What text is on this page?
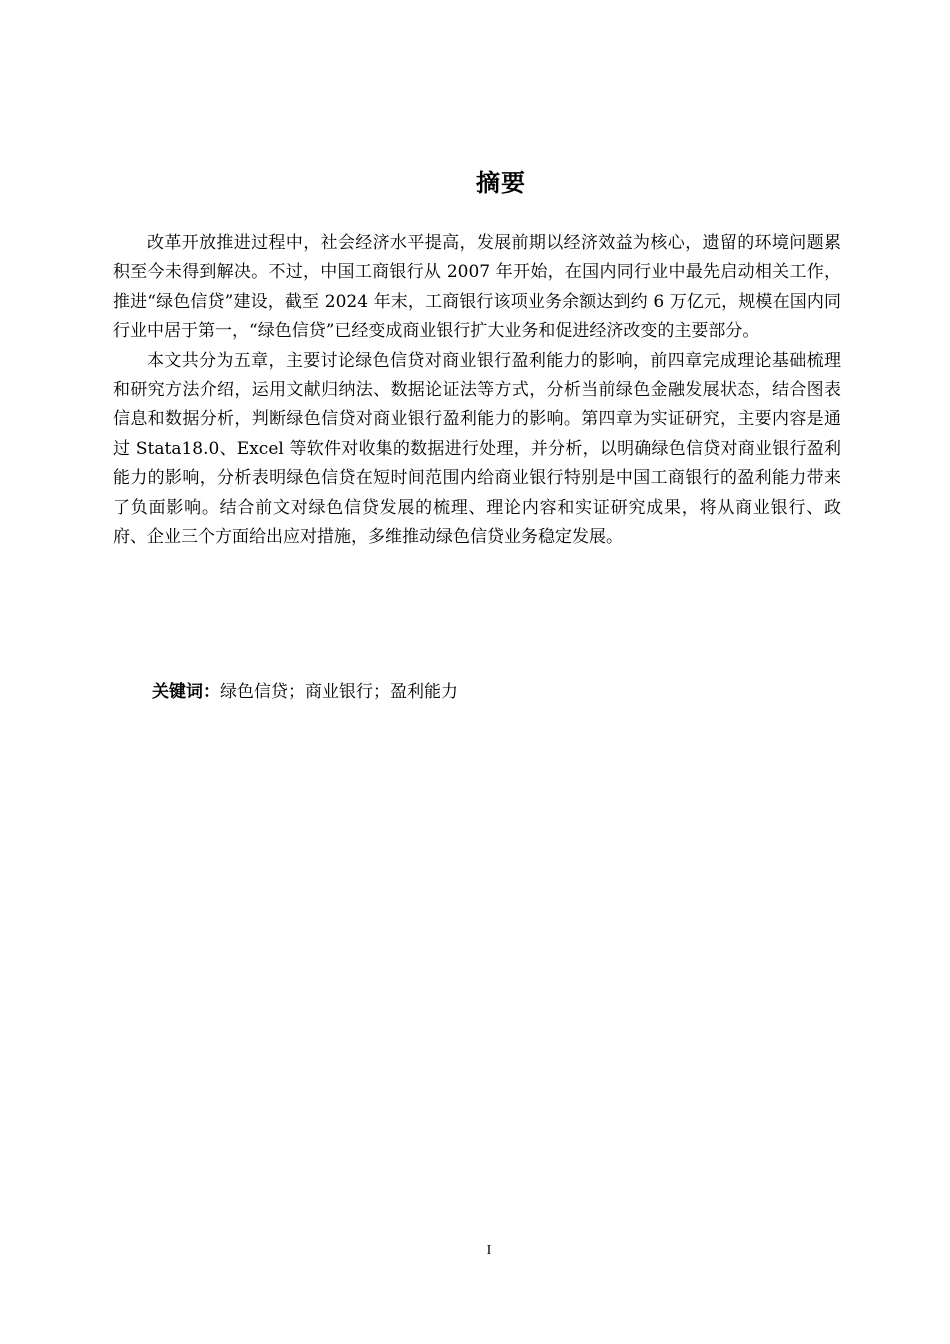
摘要

改革开放推进过程中，社会经济水平提高，发展前期以经济效益为核心，遗留的环境问题累积至今未得到解决。不过，中国工商银行从 2007 年开始，在国内同行业中最先启动相关工作，推进“绿色信贷”建设，截至 2024 年末，工商银行该项业务余额达到约 6 万亿元，规模在国内同行业中居于第一，“绿色信贷”已经变成商业银行扩大业务和促进经济改变的主要部分。

本文共分为五章，主要讨论绿色信贷对商业银行盈利能力的影响，前四章完成理论基础梳理和研究方法介绍，运用文献归纳法、数据论证法等方式，分析当前绿色金融发展状态，结合图表信息和数据分析，判断绿色信贷对商业银行盈利能力的影响。第四章为实证研究，主要内容是通过 Stata18.0、Excel 等软件对收集的数据进行处理，并分析，以明确绿色信贷对商业银行盈利能力的影响，分析表明绿色信贷在短时间范围内给商业银行特别是中国工商银行的盈利能力带来了负面影响。结合前文对绿色信贷发展的梳理、理论内容和实证研究成果，将从商业银行、政府、企业三个方面给出应对措施，多维推动绿色信贷业务稳定发展。

关键词：绿色信贷；商业银行；盈利能力
I
